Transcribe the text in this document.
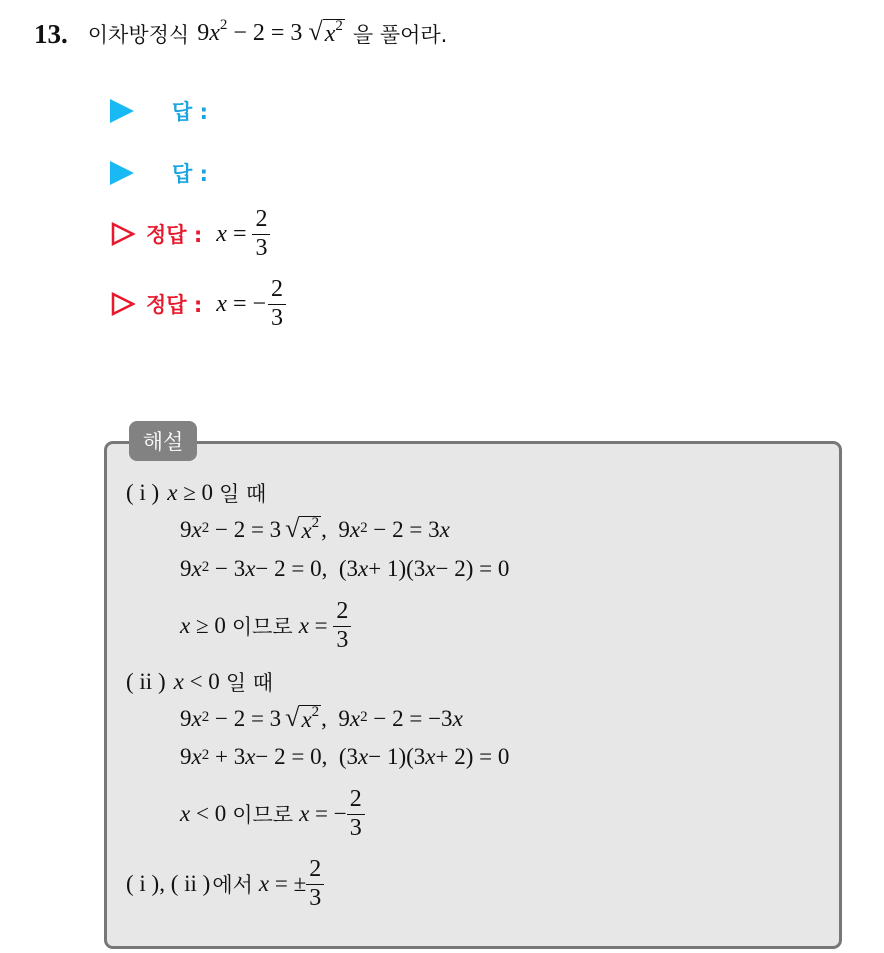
13. 이차방정식 $9x^2 - 2 = 3$ √ $x^2$ 을 풀어라.
답 :
답 :
정답 : $x = \frac{2}{3}$
정답 : x = − $\frac{2}{3}$
해설
( i ) x ≥ 0 일 때
9 $x^2 - 2 = 3$ √ $x^2$ ,  9 $x^2 - 2 = 3$ x
9 $x^2 - 3$ x − 2 = 0,  (3 x + 1)(3 x − 2) = 0
x ≥ 0 이므로 $x = \frac{2}{3}$
( ii ) x < 0 일 때
9 $x^2 - 2 = 3$ √ $x^2$ ,  9 $x^2 - 2 = -3$ x
9 $x^2 + 3$ x − 2 = 0,  (3 x − 1)(3 x + 2) = 0
x < 0 이므로 x = − $\frac{2}{3}$
( i ), ( ii ) 에서 x = ± $\frac{2}{3}$
